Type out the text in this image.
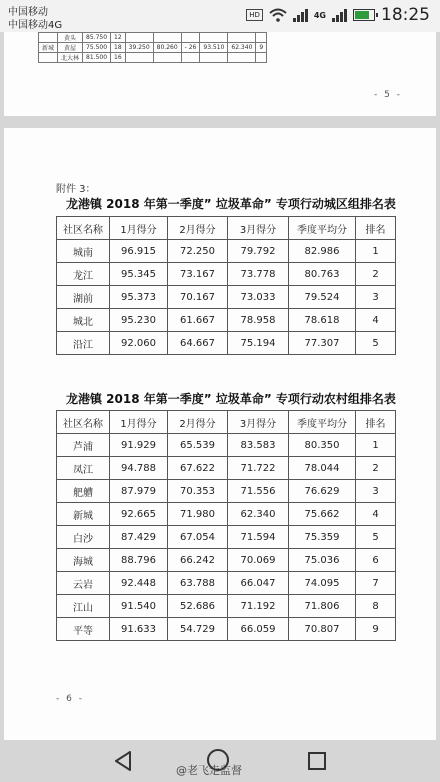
中国移动
中国移动4G
HD	4G	18:25
	黄头	85.750	12						
新城	黄屋	75.500	18	39.250	80.260	- 26	93.510	62.340	9
	北大林	81.500	16						
- 5 -
附件 3：
龙港镇 2018 年第一季度” 垃圾革命” 专项行动城区组排名表
社区名称	1月得分	2月得分	3月得分	季度平均分	排名
城南	96.915	72.250	79.792	82.986	1
龙江	95.345	73.167	73.778	80.763	2
湖前	95.373	70.167	73.033	79.524	3
城北	95.230	61.667	78.958	78.618	4
沿江	92.060	64.667	75.194	77.307	5
龙港镇 2018 年第一季度” 垃圾革命” 专项行动农村组排名表
社区名称	1月得分	2月得分	3月得分	季度平均分	排名
芦浦	91.929	65.539	83.583	80.350	1
凤江	94.788	67.622	71.722	78.044	2
舥艚	87.979	70.353	71.556	76.629	3
新城	92.665	71.980	62.340	75.662	4
白沙	87.429	67.054	71.594	75.359	5
海城	88.796	66.242	70.069	75.036	6
云岩	92.448	63.788	66.047	74.095	7
江山	91.540	52.686	71.192	71.806	8
平等	91.633	54.729	66.059	70.807	9
- 6 -
@老飞走监督
